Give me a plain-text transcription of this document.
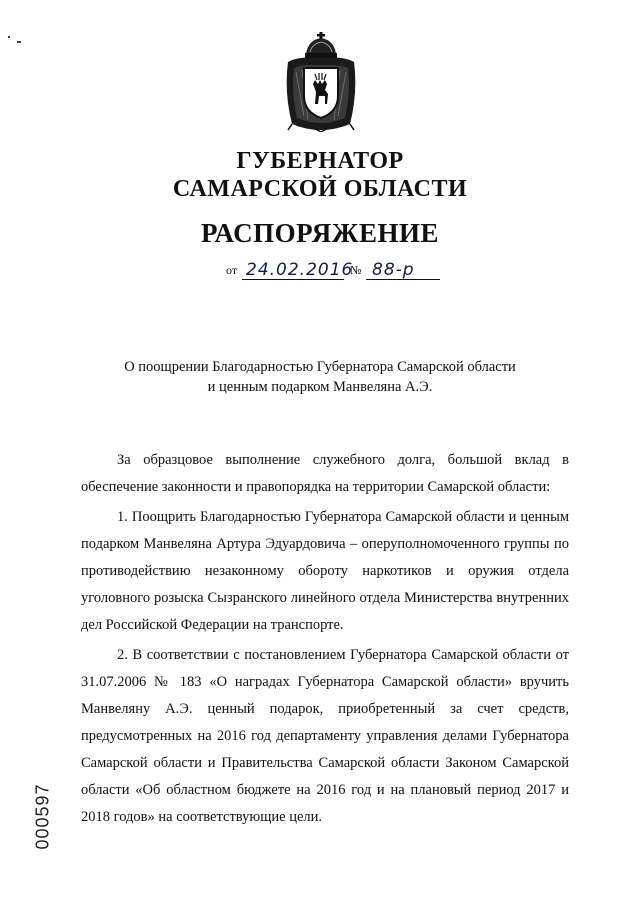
ГУБЕРНАТОР
САМАРСКОЙ ОБЛАСТИ
РАСПОРЯЖЕНИЕ
от 24.02.2016
№ 88-р
О поощрении Благодарностью Губернатора Самарской области
и ценным подарком Манвеляна А.Э.

За образцовое выполнение служебного долга, большой вклад в обеспечение законности и правопорядка на территории Самарской области:

1. Поощрить Благодарностью Губернатора Самарской области и ценным подарком Манвеляна Артура Эдуардовича – оперуполномоченного группы по противодействию незаконному обороту наркотиков и оружия отдела уголовного розыска Сызранского линейного отдела Министерства внутренних дел Российской Федерации на транспорте.

2. В соответствии с постановлением Губернатора Самарской области от 31.07.2006 № 183 «О наградах Губернатора Самарской области» вручить Манвеляну А.Э. ценный подарок, приобретенный за счет средств, предусмотренных на 2016 год департаменту управления делами Губернатора Самарской области и Правительства Самарской области Законом Самарской области «Об областном бюджете на 2016 год и на плановый период 2017 и 2018 годов» на соответствующие цели.

000597
